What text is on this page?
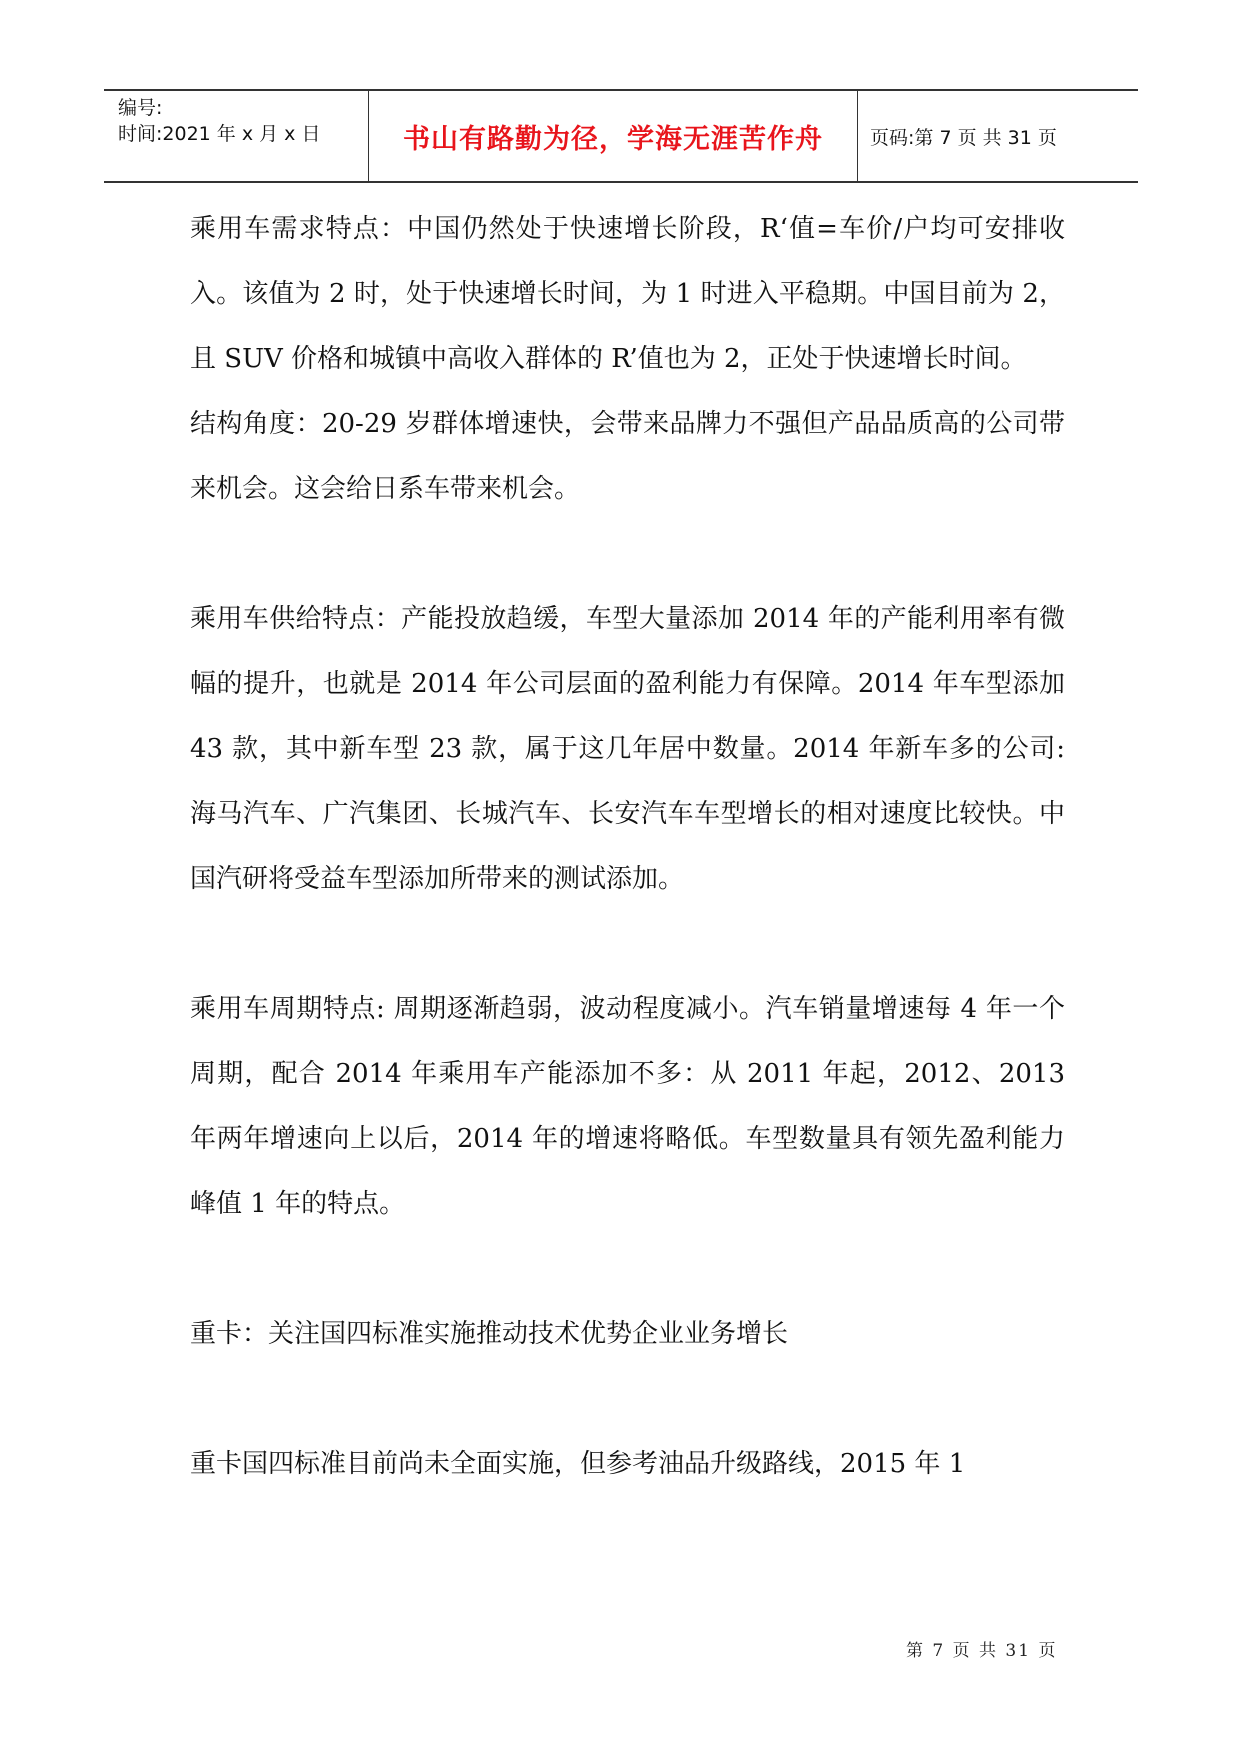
编号:
时间:2021 年 x 月 x 日	书山有路勤为径，学海无涯苦作舟	页码:第 7 页 共 31 页

乘用车需求特点：中国仍然处于快速增长阶段，R‘值=车价/户均可安排收入。该值为 2 时，处于快速增长时间，为 1 时进入平稳期。中国目前为 2，且 SUV 价格和城镇中高收入群体的 R’值也为 2，正处于快速增长时间。

结构角度：20-29 岁群体增速快，会带来品牌力不强但产品品质高的公司带来机会。这会给日系车带来机会。

乘用车供给特点：产能投放趋缓，车型大量添加 2014 年的产能利用率有微幅的提升，也就是 2014 年公司层面的盈利能力有保障。2014 年车型添加 43 款，其中新车型 23 款，属于这几年居中数量。2014 年新车多的公司: 海马汽车、广汽集团、长城汽车、长安汽车车型增长的相对速度比较快。中国汽研将受益车型添加所带来的测试添加。

乘用车周期特点: 周期逐渐趋弱，波动程度减小。汽车销量增速每 4 年一个周期，配合 2014 年乘用车产能添加不多：从 2011 年起，2012、2013 年两年增速向上以后，2014 年的增速将略低。车型数量具有领先盈利能力峰值 1 年的特点。

重卡：关注国四标准实施推动技术优势企业业务增长

重卡国四标准目前尚未全面实施，但参考油品升级路线，2015 年 1

第 7 页 共 31 页
